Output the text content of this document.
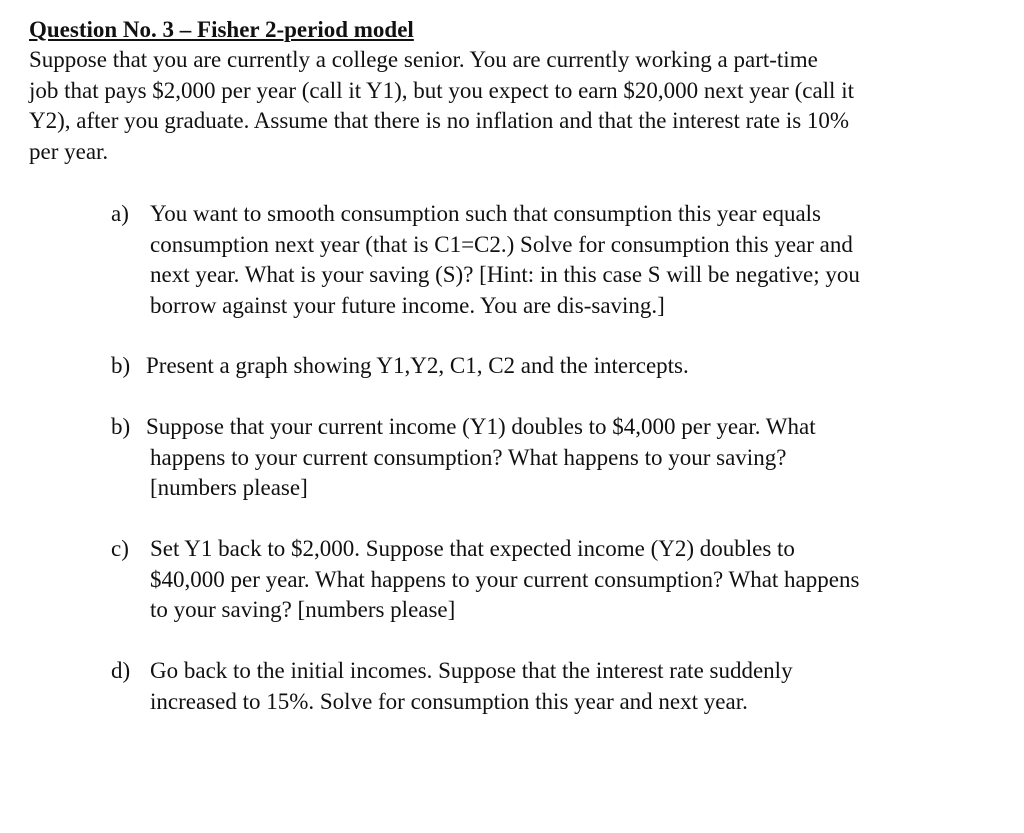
Question No. 3 – Fisher 2-period model
Suppose that you are currently a college senior. You are currently working a part-time
job that pays $2,000 per year (call it Y1), but you expect to earn $20,000 next year (call it
Y2), after you graduate. Assume that there is no inflation and that the interest rate is 10%
per year.
a) You want to smooth consumption such that consumption this year equals
consumption next year (that is C1=C2.) Solve for consumption this year and
next year. What is your saving (S)? [Hint: in this case S will be negative; you
borrow against your future income. You are dis-saving.]
b) Present a graph showing Y1,Y2, C1, C2 and the intercepts.
b) Suppose that your current income (Y1) doubles to $4,000 per year. What
happens to your current consumption? What happens to your saving?
[numbers please]
c) Set Y1 back to $2,000. Suppose that expected income (Y2) doubles to
$40,000 per year. What happens to your current consumption? What happens
to your saving? [numbers please]
d) Go back to the initial incomes. Suppose that the interest rate suddenly
increased to 15%. Solve for consumption this year and next year.
